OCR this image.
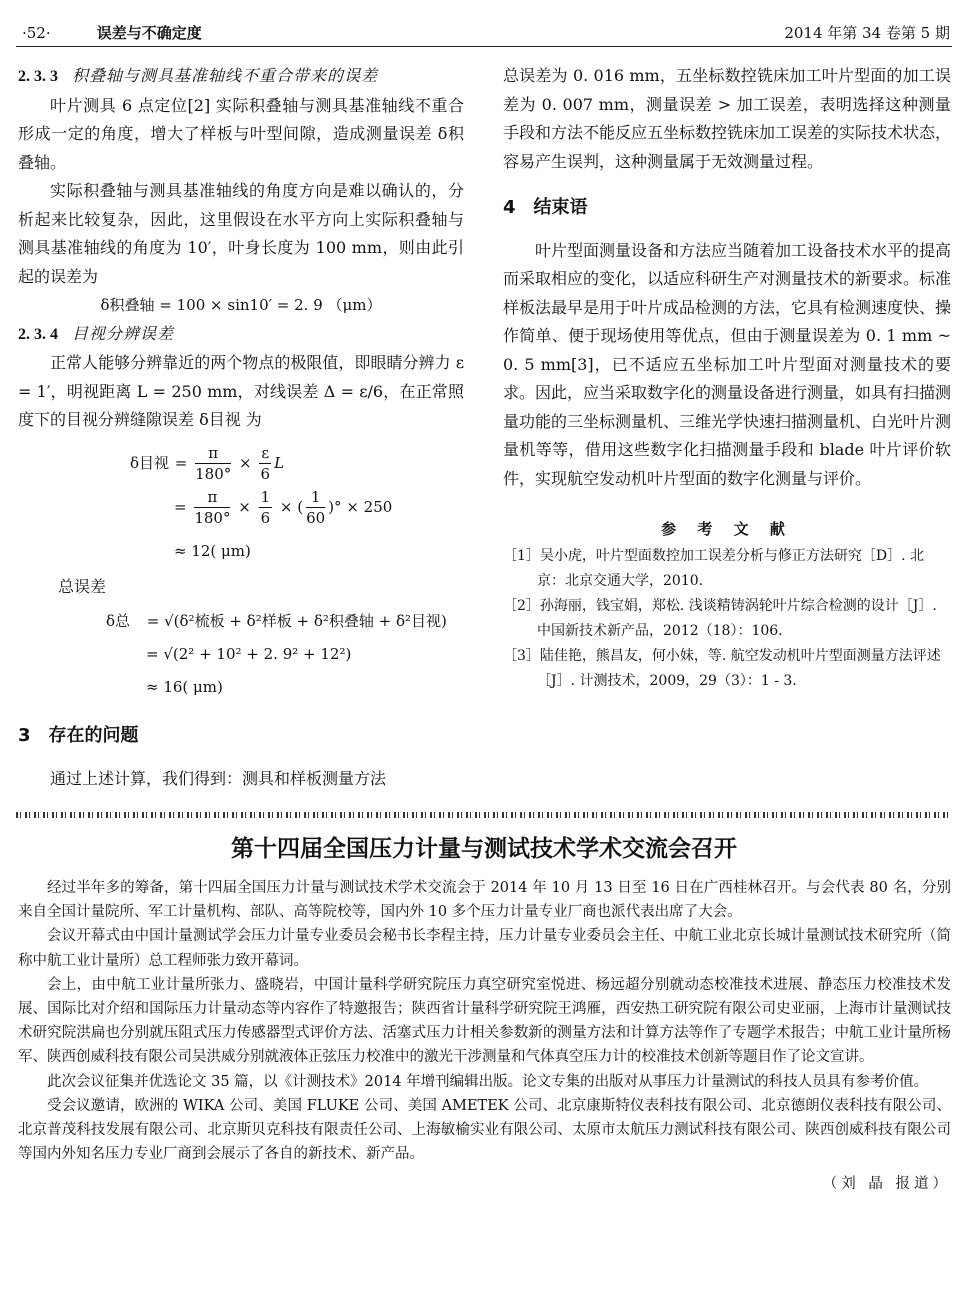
·52·	误差与不确定度	2014 年第 34 卷第 5 期
2. 3. 3 积叠轴与测具基准轴线不重合带来的误差

叶片测具 6 点定位[2] 实际积叠轴与测具基准轴线不重合形成一定的角度，增大了样板与叶型间隙，造成测量误差 δ积叠轴。

实际积叠轴与测具基准轴线的角度方向是难以确认的，分析起来比较复杂，因此，这里假设在水平方向上实际积叠轴与测具基准轴线的角度为 10′，叶身长度为 100 mm，则由此引起的误差为

δ积叠轴 = 100 × sin10′ = 2. 9 （μm）
2. 3. 4 目视分辨误差

正常人能够分辨靠近的两个物点的极限值，即眼睛分辨力 ε = 1′，明视距离 L = 250 mm，对线误差 Δ = ε/6，在正常照度下的目视分辨缝隙误差 δ目视 为

δ目视 = $\frac{\pi}{180^\circ} \times \frac{\varepsilon}{6}$ L
= $\frac{\pi}{180^\circ} \times \frac{1}{6}$ × ( $\frac{1}{60}$ )° × 250
≈ 12( μm)

总误差

δ总 = √(δ²梳板 + δ²样板 + δ²积叠轴 + δ²目视)
= √(2² + 10² + 2. 9² + 12²)
≈ 16( μm)
3 存在的问题

通过上述计算，我们得到：测具和样板测量方法

总误差为 0. 016 mm，五坐标数控铣床加工叶片型面的加工误差为 0. 007 mm，测量误差 > 加工误差，表明选择这种测量手段和方法不能反应五坐标数控铣床加工误差的实际技术状态，容易产生误判，这种测量属于无效测量过程。

4 结束语

叶片型面测量设备和方法应当随着加工设备技术水平的提高而采取相应的变化，以适应科研生产对测量技术的新要求。标准样板法最早是用于叶片成品检测的方法，它具有检测速度快、操作简单、便于现场使用等优点，但由于测量误差为 0. 1 mm ~ 0. 5 mm[3]，已不适应五坐标加工叶片型面对测量技术的要求。因此，应当采取数字化的测量设备进行测量，如具有扫描测量功能的三坐标测量机、三维光学快速扫描测量机、白光叶片测量机等等，借用这些数字化扫描测量手段和 blade 叶片评价软件，实现航空发动机叶片型面的数字化测量与评价。

参 考 文 献
［1］吴小虎，叶片型面数控加工误差分析与修正方法研究［D］. 北京：北京交通大学，2010.
［2］孙海丽，钱宝娟，郑松. 浅谈精铸涡轮叶片综合检测的设计［J］. 中国新技术新产品，2012（18）：106.
［3］陆佳艳，熊昌友，何小妹，等. 航空发动机叶片型面测量方法评述［J］. 计测技术，2009，29（3）：1 - 3.
第十四届全国压力计量与测试技术学术交流会召开

经过半年多的筹备，第十四届全国压力计量与测试技术学术交流会于 2014 年 10 月 13 日至 16 日在广西桂林召开。与会代表 80 名，分别来自全国计量院所、军工计量机构、部队、高等院校等，国内外 10 多个压力计量专业厂商也派代表出席了大会。

会议开幕式由中国计量测试学会压力计量专业委员会秘书长李程主持，压力计量专业委员会主任、中航工业北京长城计量测试技术研究所（简称中航工业计量所）总工程师张力致开幕词。

会上，由中航工业计量所张力、盛晓岩，中国计量科学研究院压力真空研究室悦进、杨远超分别就动态校准技术进展、静态压力校准技术发展、国际比对介绍和国际压力计量动态等内容作了特邀报告；陕西省计量科学研究院王鸿雁，西安热工研究院有限公司史亚丽，上海市计量测试技术研究院洪扁也分别就压阻式压力传感器型式评价方法、活塞式压力计相关参数新的测量方法和计算方法等作了专题学术报告；中航工业计量所杨军、陕西创威科技有限公司吴洪威分别就液体正弦压力校准中的激光干涉测量和气体真空压力计的校准技术创新等题目作了论文宣讲。

此次会议征集并优选论文 35 篇，以《计测技术》2014 年增刊编辑出版。论文专集的出版对从事压力计量测试的科技人员具有参考价值。

受会议邀请，欧洲的 WIKA 公司、美国 FLUKE 公司、美国 AMETEK 公司、北京康斯特仪表科技有限公司、北京德朗仪表科技有限公司、北京普茂科技发展有限公司、北京斯贝克科技有限责任公司、上海敏榆实业有限公司、太原市太航压力测试科技有限公司、陕西创威科技有限公司等国内外知名压力专业厂商到会展示了各自的新技术、新产品。

（刘 晶 报道）
